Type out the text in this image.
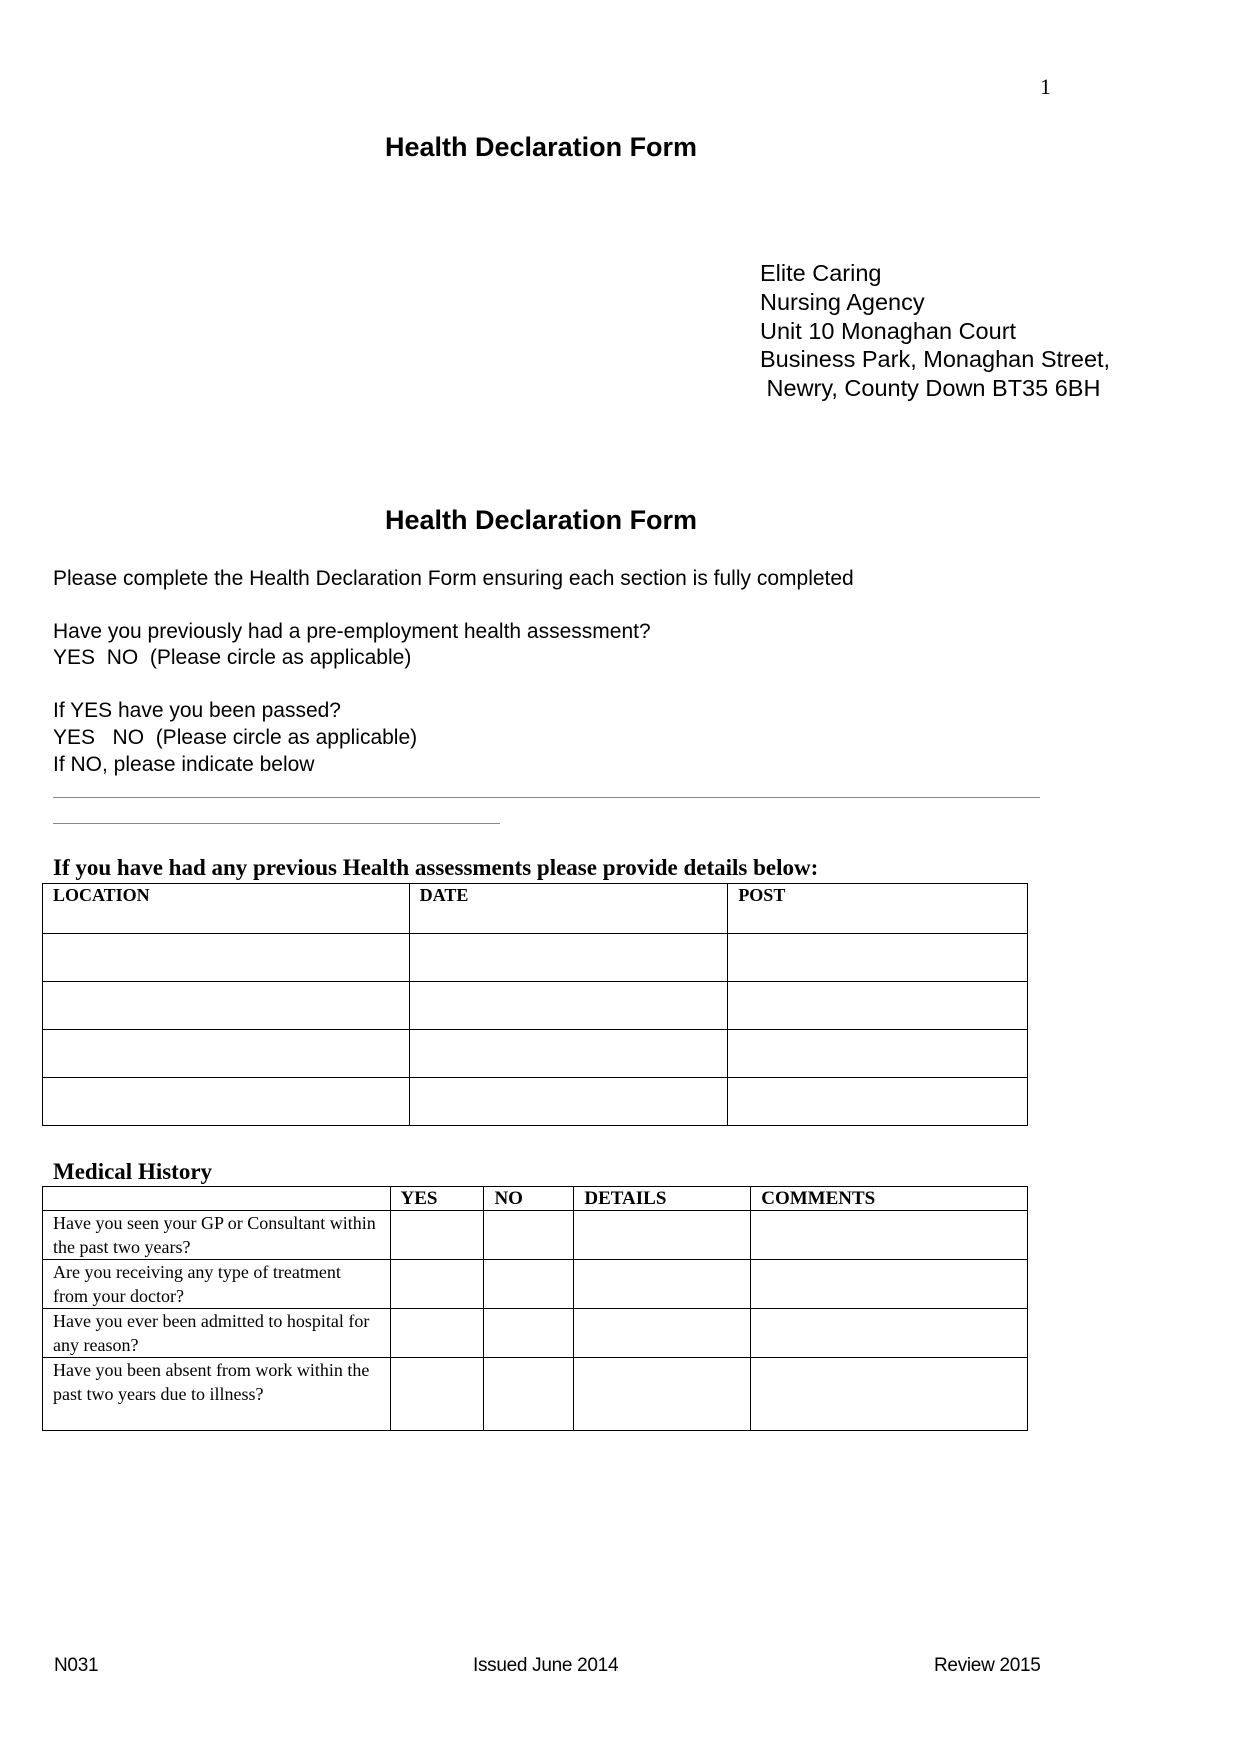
1
Health Declaration Form
Elite Caring
Nursing Agency
Unit 10 Monaghan Court
Business Park, Monaghan Street,
Newry, County Down BT35 6BH
Health Declaration Form
Please complete the Health Declaration Form ensuring each section is fully completed
Have you previously had a pre-employment health assessment?
YES  NO  (Please circle as applicable)
If YES have you been passed?
YES   NO  (Please circle as applicable)
If NO, please indicate below
If you have had any previous Health assessments please provide details below:
LOCATION	DATE	POST

Medical History
	YES	NO	DETAILS	COMMENTS
Have you seen your GP or Consultant within the past two years?				
Are you receiving any type of treatment from your doctor?				
Have you ever been admitted to hospital for any reason?				
Have you been absent from work within the past two years due to illness?				
N031	Issued June 2014	Review 2015
